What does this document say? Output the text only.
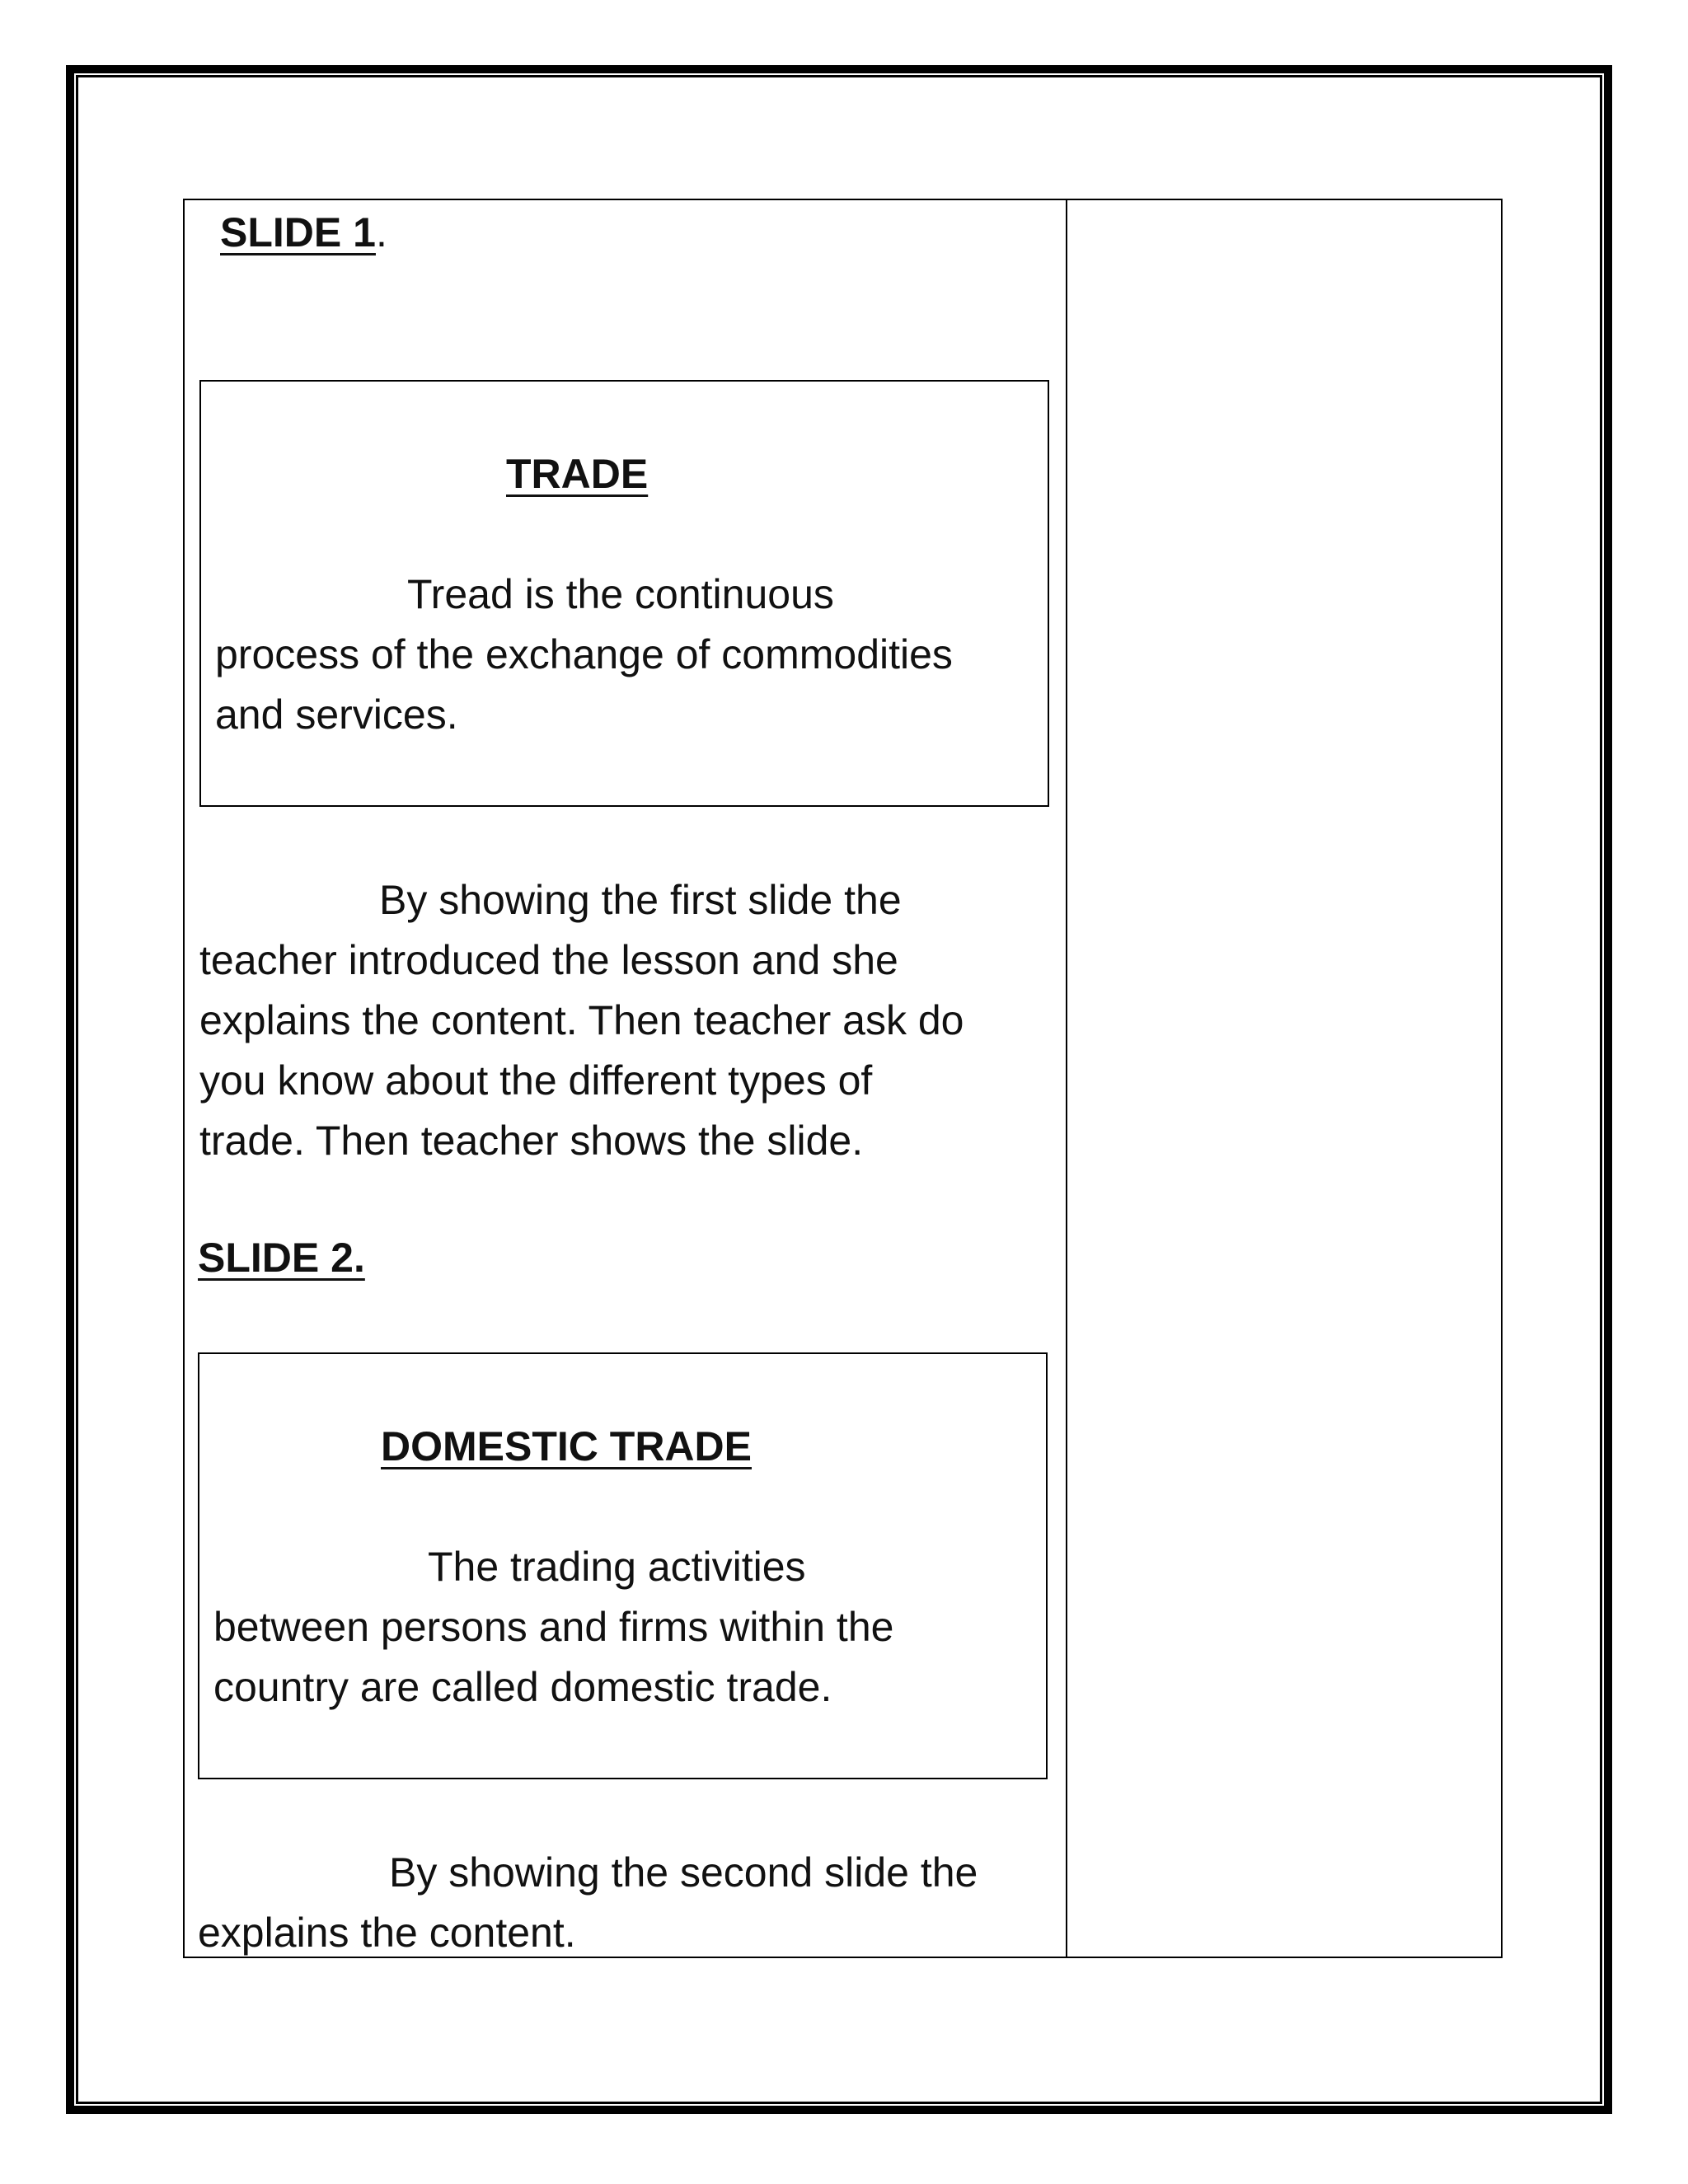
SLIDE 1.
TRADE
Tread is the continuous
process of the exchange of commodities
and services.
By showing the first slide the
teacher introduced the lesson and she
explains the content. Then teacher ask do
you know about the different types of
trade. Then teacher shows the slide.
SLIDE 2.
DOMESTIC TRADE
The trading activities
between persons and firms within the
country are called domestic trade.
By showing the second slide the
explains the content.
